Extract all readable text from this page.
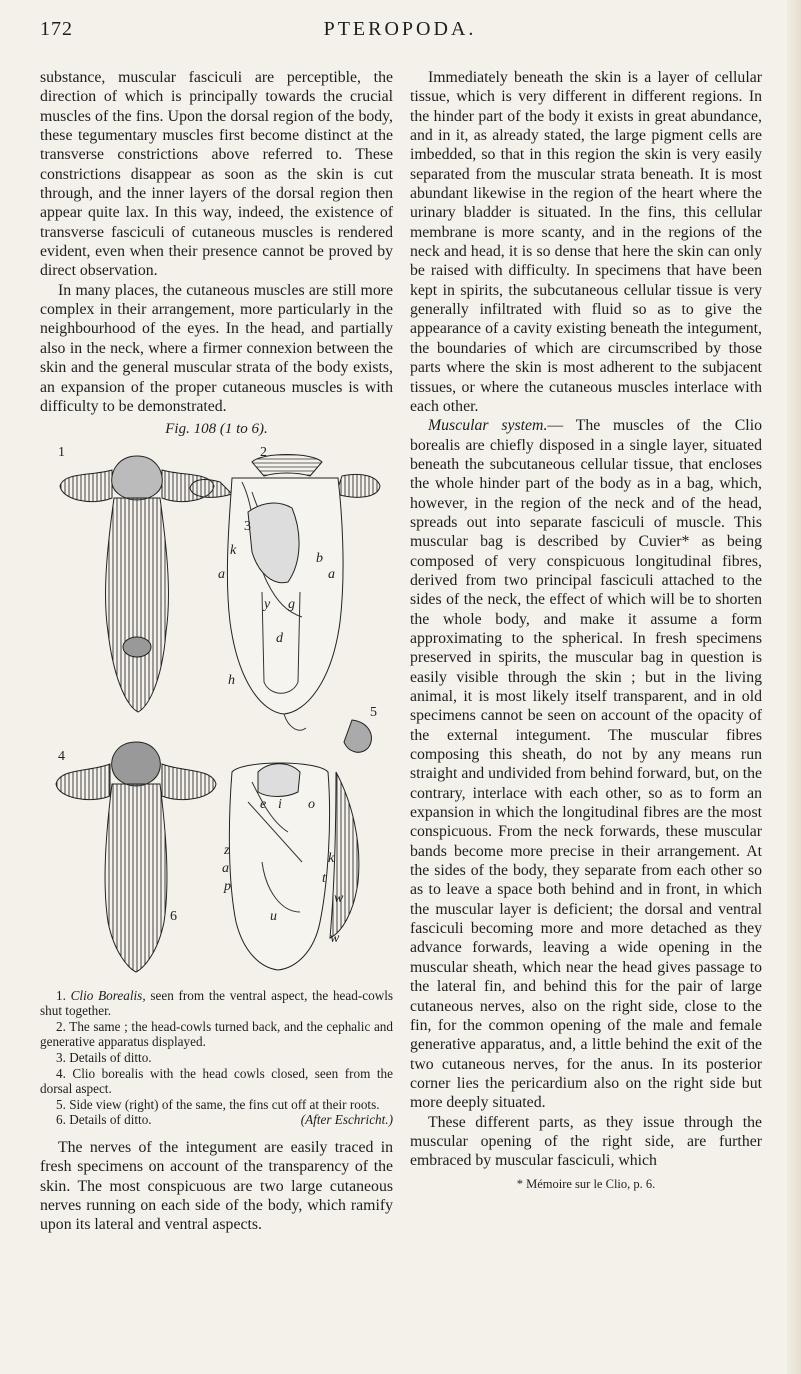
172	PTEROPODA.

substance, muscular fasciculi are perceptible, the direction of which is principally towards the crucial muscles of the fins. Upon the dorsal region of the body, these tegumentary muscles first become distinct at the transverse constrictions above referred to. These constrictions disappear as soon as the skin is cut through, and the inner layers of the dorsal region then appear quite lax. In this way, indeed, the existence of transverse fasciculi of cutaneous muscles is rendered evident, even when their presence cannot be proved by direct observation.

In many places, the cutaneous muscles are still more complex in their arrangement, more particularly in the neighbourhood of the eyes. In the head, and partially also in the neck, where a firmer connexion between the skin and the general muscular strata of the body exists, an expansion of the proper cutaneous muscles is with difficulty to be demonstrated.

Fig. 108 (1 to 6).
1	2
3
4
5
6
a	a
b
k
h
y
d
g
e i o
z
a
p
k
t
w
w
u
1. Clio Borealis, seen from the ventral aspect, the head-cowls shut together.
2. The same ; the head-cowls turned back, and the cephalic and generative apparatus displayed.
3. Details of ditto.
4. Clio borealis with the head cowls closed, seen from the dorsal aspect.
5. Side view (right) of the same, the fins cut off at their roots.
6. Details of ditto.	(After Eschricht.)

The nerves of the integument are easily traced in fresh specimens on account of the transparency of the skin. The most conspicuous are two large cutaneous nerves running on each side of the body, which ramify upon its lateral and ventral aspects.

Immediately beneath the skin is a layer of cellular tissue, which is very different in different regions. In the hinder part of the body it exists in great abundance, and in it, as already stated, the large pigment cells are imbedded, so that in this region the skin is very easily separated from the muscular strata beneath. It is most abundant likewise in the region of the heart where the urinary bladder is situated. In the fins, this cellular membrane is more scanty, and in the regions of the neck and head, it is so dense that here the skin can only be raised with difficulty. In specimens that have been kept in spirits, the subcutaneous cellular tissue is very generally infiltrated with fluid so as to give the appearance of a cavity existing beneath the integument, the boundaries of which are circumscribed by those parts where the skin is most adherent to the subjacent tissues, or where the cutaneous muscles interlace with each other.

Muscular system.— The muscles of the Clio borealis are chiefly disposed in a single layer, situated beneath the subcutaneous cellular tissue, that encloses the whole hinder part of the body as in a bag, which, however, in the region of the neck and of the head, spreads out into separate fasciculi of muscle. This muscular bag is described by Cuvier* as being composed of very conspicuous longitudinal fibres, derived from two principal fasciculi attached to the sides of the neck, the effect of which will be to shorten the whole body, and make it assume a form approximating to the spherical. In fresh specimens preserved in spirits, the muscular bag in question is easily visible through the skin ; but in the living animal, it is most likely itself transparent, and in old specimens cannot be seen on account of the opacity of the external integument. The muscular fibres composing this sheath, do not by any means run straight and undivided from behind forward, but, on the contrary, interlace with each other, so as to form an expansion in which the longitudinal fibres are the most conspicuous. From the neck forwards, these muscular bands become more precise in their arrangement. At the sides of the body, they separate from each other so as to leave a space both behind and in front, in which the muscular layer is deficient; the dorsal and ventral fasciculi becoming more and more detached as they advance forwards, leaving a wide opening in the muscular sheath, which near the head gives passage to the lateral fin, and behind this for the pair of large cutaneous nerves, also on the right side, close to the fin, for the common opening of the male and female generative apparatus, and, a little behind the exit of the two cutaneous nerves, for the anus. In its posterior corner lies the pericardium also on the right side but more deeply situated.

These different parts, as they issue through the muscular opening of the right side, are further embraced by muscular fasciculi, which

* Mémoire sur le Clio, p. 6.
